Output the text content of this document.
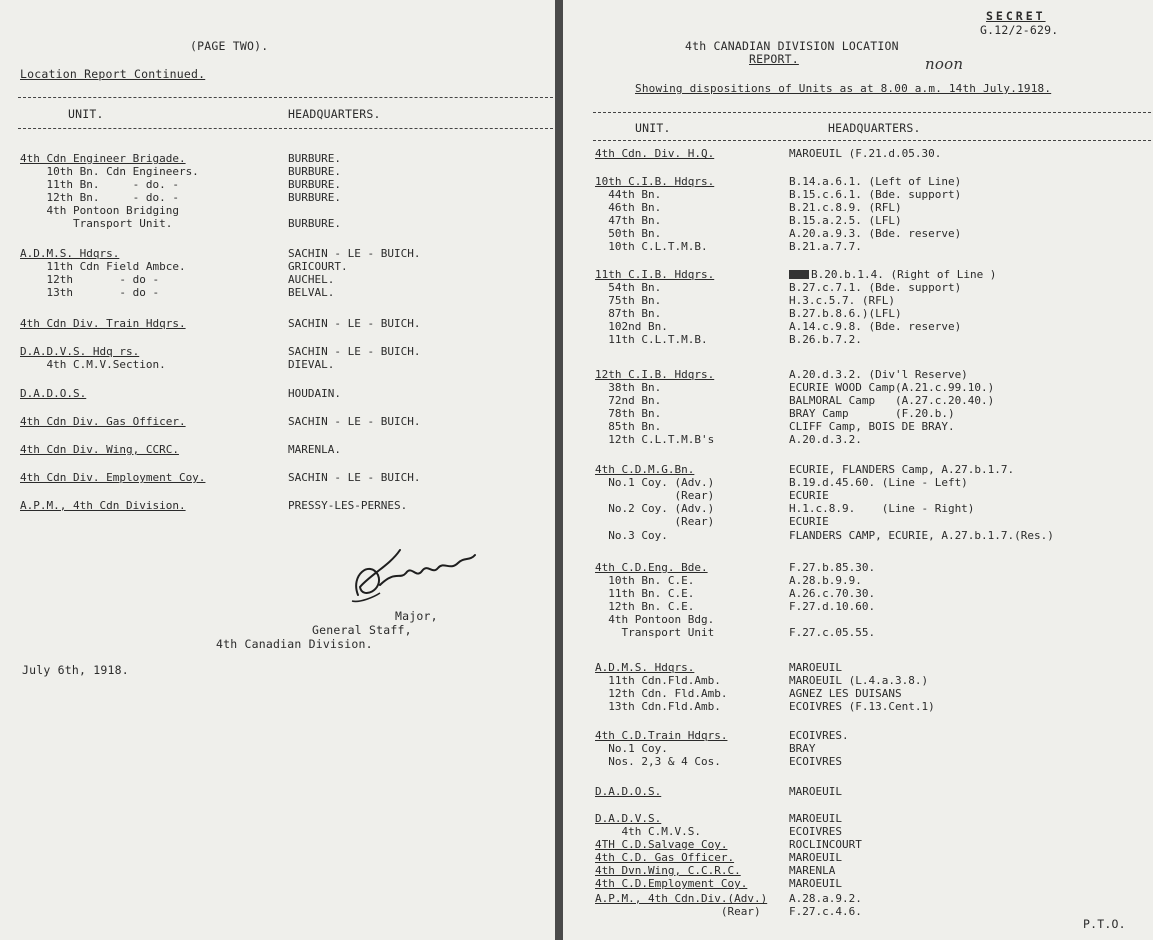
(PAGE TWO).
Location Report Continued.
UNIT.	HEADQUARTERS.
4th Cdn Engineer Brigade.	BURBURE.
10th Bn. Cdn Engineers.	BURBURE.
11th Bn.     - do. -	BURBURE.
12th Bn.     - do. -	BURBURE.
4th Pontoon Bridging
Transport Unit.	BURBURE.
A.D.M.S. Hdqrs.	SACHIN - LE - BUICH.
11th Cdn Field Ambce.	GRICOURT.
12th       - do -	AUCHEL.
13th       - do -	BELVAL.
4th Cdn Div. Train Hdqrs.	SACHIN - LE - BUICH.
D.A.D.V.S. Hdq rs.	SACHIN - LE - BUICH.
4th C.M.V.Section.	DIEVAL.
D.A.D.O.S.	HOUDAIN.
4th Cdn Div. Gas Officer.	SACHIN - LE - BUICH.
4th Cdn Div. Wing, CCRC.	MARENLA.
4th Cdn Div. Employment Coy.	SACHIN - LE - BUICH.
A.P.M., 4th Cdn Division.	PRESSY-LES-PERNES.
Major,
General Staff,
4th Canadian Division.
July 6th, 1918.
SECRET
G.12/2-629.
4th CANADIAN DIVISION LOCATION
REPORT.	noon
Showing dispositions of Units as at 8.00 a.m. 14th July.1918.
UNIT.	HEADQUARTERS.
4th Cdn. Div. H.Q.	MAROEUIL (F.21.d.05.30.
10th C.I.B. Hdqrs.	B.14.a.6.1. (Left of Line)
44th Bn.	B.15.c.6.1. (Bde. support)
46th Bn.	B.21.c.8.9. (RFL)
47th Bn.	B.15.a.2.5. (LFL)
50th Bn.	A.20.a.9.3. (Bde. reserve)
10th C.L.T.M.B.	B.21.a.7.7.
11th C.I.B. Hdqrs.	B.20.b.1.4. (Right of Line )
54th Bn.	B.27.c.7.1. (Bde. support)
75th Bn.	H.3.c.5.7. (RFL)
87th Bn.	B.27.b.8.6.)(LFL)
102nd Bn.	A.14.c.9.8. (Bde. reserve)
11th C.L.T.M.B.	B.26.b.7.2.
12th C.I.B. Hdqrs.	A.20.d.3.2. (Div'l Reserve)
38th Bn.	ECURIE WOOD Camp(A.21.c.99.10.)
72nd Bn.	BALMORAL Camp   (A.27.c.20.40.)
78th Bn.	BRAY Camp       (F.20.b.)
85th Bn.	CLIFF Camp, BOIS DE BRAY.
12th C.L.T.M.B's	A.20.d.3.2.
4th C.D.M.G.Bn.	ECURIE, FLANDERS Camp, A.27.b.1.7.
No.1 Coy. (Adv.)	B.19.d.45.60. (Line - Left)
(Rear)	ECURIE
No.2 Coy. (Adv.)	H.1.c.8.9.    (Line - Right)
(Rear)	ECURIE
No.3 Coy.	FLANDERS CAMP, ECURIE, A.27.b.1.7.(Res.)
4th C.D.Eng. Bde.	F.27.b.85.30.
10th Bn. C.E.	A.28.b.9.9.
11th Bn. C.E.	A.26.c.70.30.
12th Bn. C.E.	F.27.d.10.60.
4th Pontoon Bdg.
Transport Unit	F.27.c.05.55.
A.D.M.S. Hdqrs.	MAROEUIL
11th Cdn.Fld.Amb.	MAROEUIL (L.4.a.3.8.)
12th Cdn. Fld.Amb.	AGNEZ LES DUISANS
13th Cdn.Fld.Amb.	ECOIVRES (F.13.Cent.1)
4th C.D.Train Hdqrs.	ECOIVRES.
No.1 Coy.	BRAY
Nos. 2,3 & 4 Cos.	ECOIVRES
D.A.D.O.S.	MAROEUIL
D.A.D.V.S.	MAROEUIL
4th C.M.V.S.	ECOIVRES
4TH C.D.Salvage Coy.	ROCLINCOURT
4th C.D. Gas Officer.	MAROEUIL
4th Dvn.Wing, C.C.R.C.	MARENLA
4th C.D.Employment Coy.	MAROEUIL
A.P.M., 4th Cdn.Div.(Adv.) A.28.a.9.2.
(Rear)	F.27.c.4.6.
P.T.O.
